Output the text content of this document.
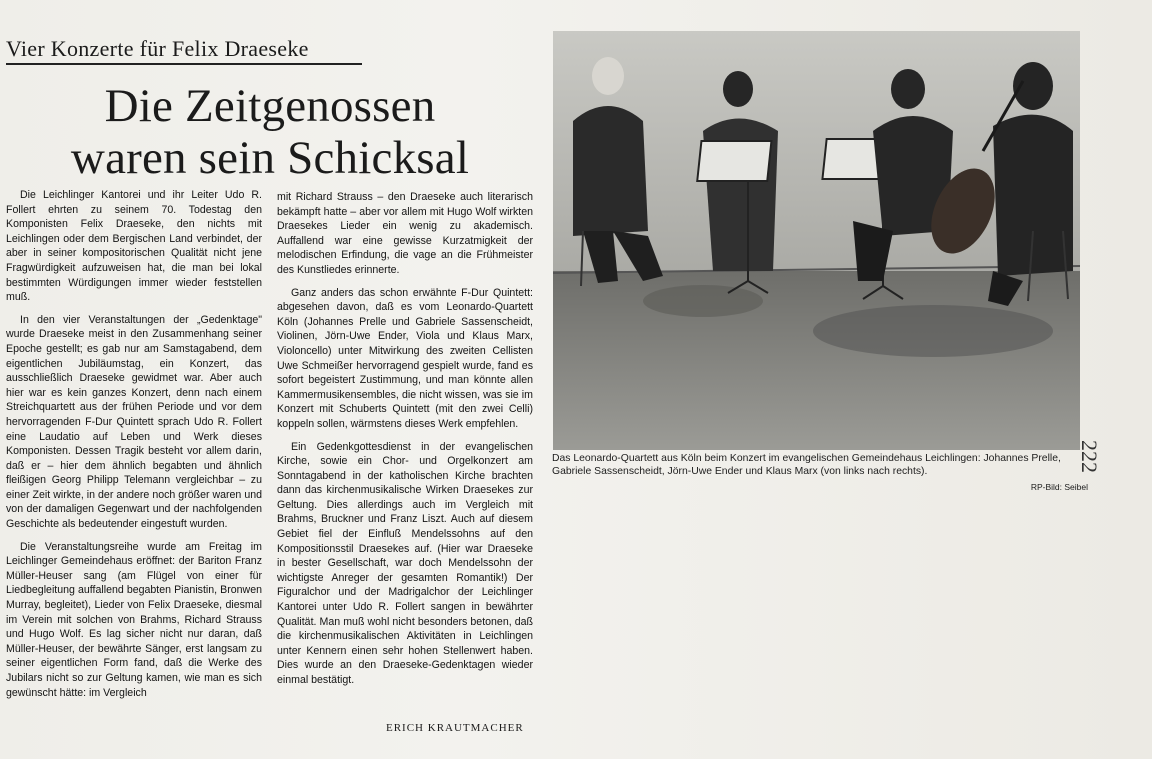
Vier Konzerte für Felix Draeseke
Die Zeitgenossen
waren sein Schicksal

Die Leichlinger Kantorei und ihr Leiter Udo R. Follert ehrten zu seinem 70. Todestag den Komponisten Felix Draeseke, den nichts mit Leichlingen oder dem Bergischen Land verbindet, der aber in seiner kompositorischen Qualität nicht jene Fragwürdigkeit aufzuweisen hat, die man bei lokal bestimmten Würdigungen immer wieder feststellen muß.

In den vier Veranstaltungen der „Gedenktage" wurde Draeseke meist in den Zusammenhang seiner Epoche gestellt; es gab nur am Samstagabend, dem eigentlichen Jubiläumstag, ein Konzert, das ausschließlich Draeseke gewidmet war. Aber auch hier war es kein ganzes Konzert, denn nach einem Streichquartett aus der frühen Periode und vor dem hervorragenden F-Dur Quintett sprach Udo R. Follert eine Laudatio auf Leben und Werk dieses Komponisten. Dessen Tragik besteht vor allem darin, daß er – hier dem ähnlich begabten und ähnlich fleißigen Georg Philipp Telemann vergleichbar – zu einer Zeit wirkte, in der andere noch größer waren und von der damaligen Gegenwart und der nachfolgenden Geschichte als bedeutender eingestuft wurden.

Die Veranstaltungsreihe wurde am Freitag im Leichlinger Gemeindehaus eröffnet: der Bariton Franz Müller-Heuser sang (am Flügel von einer für Liedbegleitung auffallend begabten Pianistin, Bronwen Murray, begleitet), Lieder von Felix Draeseke, diesmal im Verein mit solchen von Brahms, Richard Strauss und Hugo Wolf. Es lag sicher nicht nur daran, daß Müller-Heuser, der bewährte Sänger, erst langsam zu seiner eigentlichen Form fand, daß die Werke des Jubilars nicht so zur Geltung kamen, wie man es sich gewünscht hätte: im Vergleich

mit Richard Strauss – den Draeseke auch literarisch bekämpft hatte – aber vor allem mit Hugo Wolf wirkten Draesekes Lieder ein wenig zu akademisch. Auffallend war eine gewisse Kurzatmigkeit der melodischen Erfindung, die vage an die Frühmeister des Kunstliedes erinnerte.

Ganz anders das schon erwähnte F-Dur Quintett: abgesehen davon, daß es vom Leonardo-Quartett Köln (Johannes Prelle und Gabriele Sassenscheidt, Violinen, Jörn-Uwe Ender, Viola und Klaus Marx, Violoncello) unter Mitwirkung des zweiten Cellisten Uwe Schmeißer hervorragend gespielt wurde, fand es sofort begeistert Zustimmung, und man könnte allen Kammermusikensembles, die nicht wissen, was sie im Konzert mit Schuberts Quintett (mit den zwei Celli) koppeln sollen, wärmstens dieses Werk empfehlen.

Ein Gedenkgottesdienst in der evangelischen Kirche, sowie ein Chor- und Orgelkonzert am Sonntagabend in der katholischen Kirche brachten dann das kirchenmusikalische Wirken Draesekes zur Geltung. Dies allerdings auch im Vergleich mit Brahms, Bruckner und Franz Liszt. Auch auf diesem Gebiet fiel der Einfluß Mendelssohns auf den Kompositionsstil Draesekes auf. (Hier war Draeseke in bester Gesellschaft, war doch Mendelssohn der wichtigste Anreger der gesamten Romantik!) Der Figuralchor und der Madrigalchor der Leichlinger Kantorei unter Udo R. Follert sangen in bewährter Qualität. Man muß wohl nicht besonders betonen, daß die kirchenmusikalischen Aktivitäten in Leichlingen unter Kennern einen sehr hohen Stellenwert haben. Dies wurde an den Draeseke-Gedenktagen wieder einmal bestätigt.

ERICH KRAUTMACHER
Das Leonardo-Quartett aus Köln beim Konzert im evangelischen Gemeindehaus Leichlingen: Johannes Prelle, Gabriele Sassenscheidt, Jörn-Uwe Ender und Klaus Marx (von links nach rechts).
RP-Bild: Seibel
222
